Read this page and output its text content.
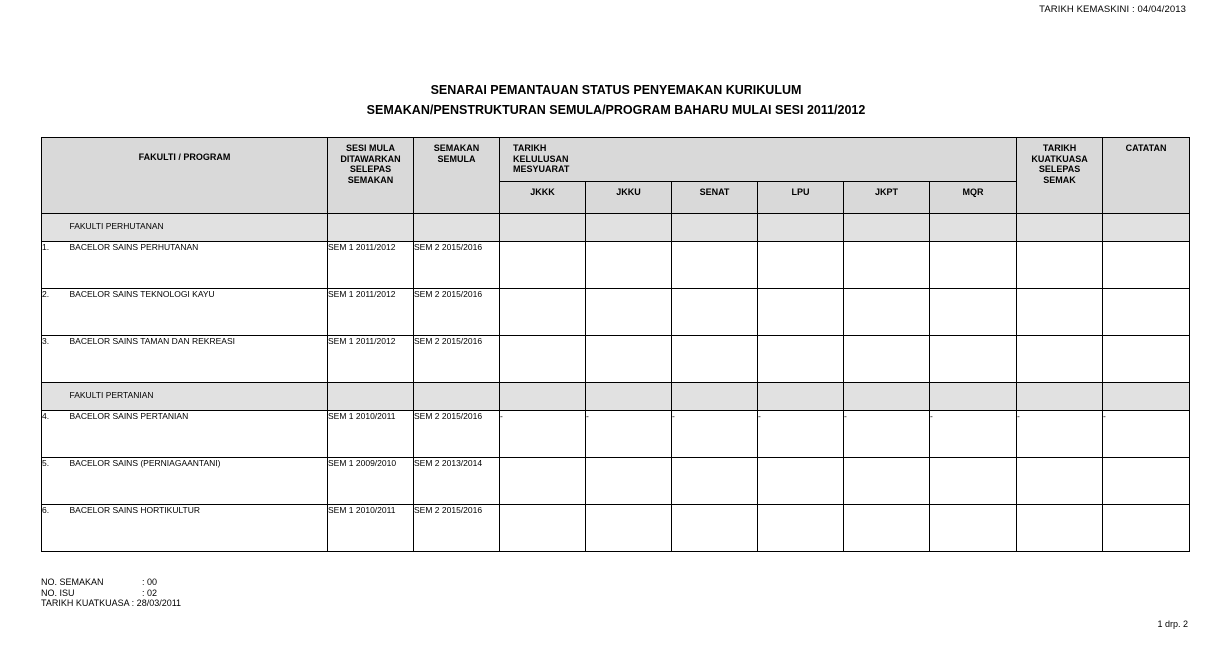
TARIKH KEMASKINI : 04/04/2013
SENARAI PEMANTAUAN STATUS PENYEMAKAN KURIKULUM
SEMAKAN/PENSTRUKTURAN SEMULA/PROGRAM BAHARU MULAI SESI 2011/2012
FAKULTI / PROGRAM		SESI MULA DITAWARKAN SELEPAS SEMAKAN	SEMAKAN SEMULA	TARIKH KELULUSAN MESYUARAT						TARIKH KUATKUASA SELEPAS SEMAK	CATATAN
				JKKK	JKKU	SENAT	LPU	JKPT	MQR		
	FAKULTI PERHUTANAN										
1.	BACELOR SAINS PERHUTANAN	SEM 1 2011/2012	SEM 2 2015/2016								
2.	BACELOR SAINS TEKNOLOGI KAYU	SEM 1 2011/2012	SEM 2 2015/2016								
3.	BACELOR SAINS TAMAN DAN REKREASI	SEM 1 2011/2012	SEM 2 2015/2016								
	FAKULTI PERTANIAN										
4.	BACELOR SAINS PERTANIAN	SEM 1 2010/2011	SEM 2 2015/2016	-	-	-	-	-	-	-	-
5.	BACELOR SAINS (PERNIAGAANTANI)	SEM 1 2009/2010	SEM 2 2013/2014								
6.	BACELOR SAINS HORTIKULTUR	SEM 1 2010/2011	SEM 2 2015/2016								
NO. SEMAKAN	: 00
NO. ISU	: 02
TARIKH KUATKUASA : 28/03/2011
1 drp. 2
